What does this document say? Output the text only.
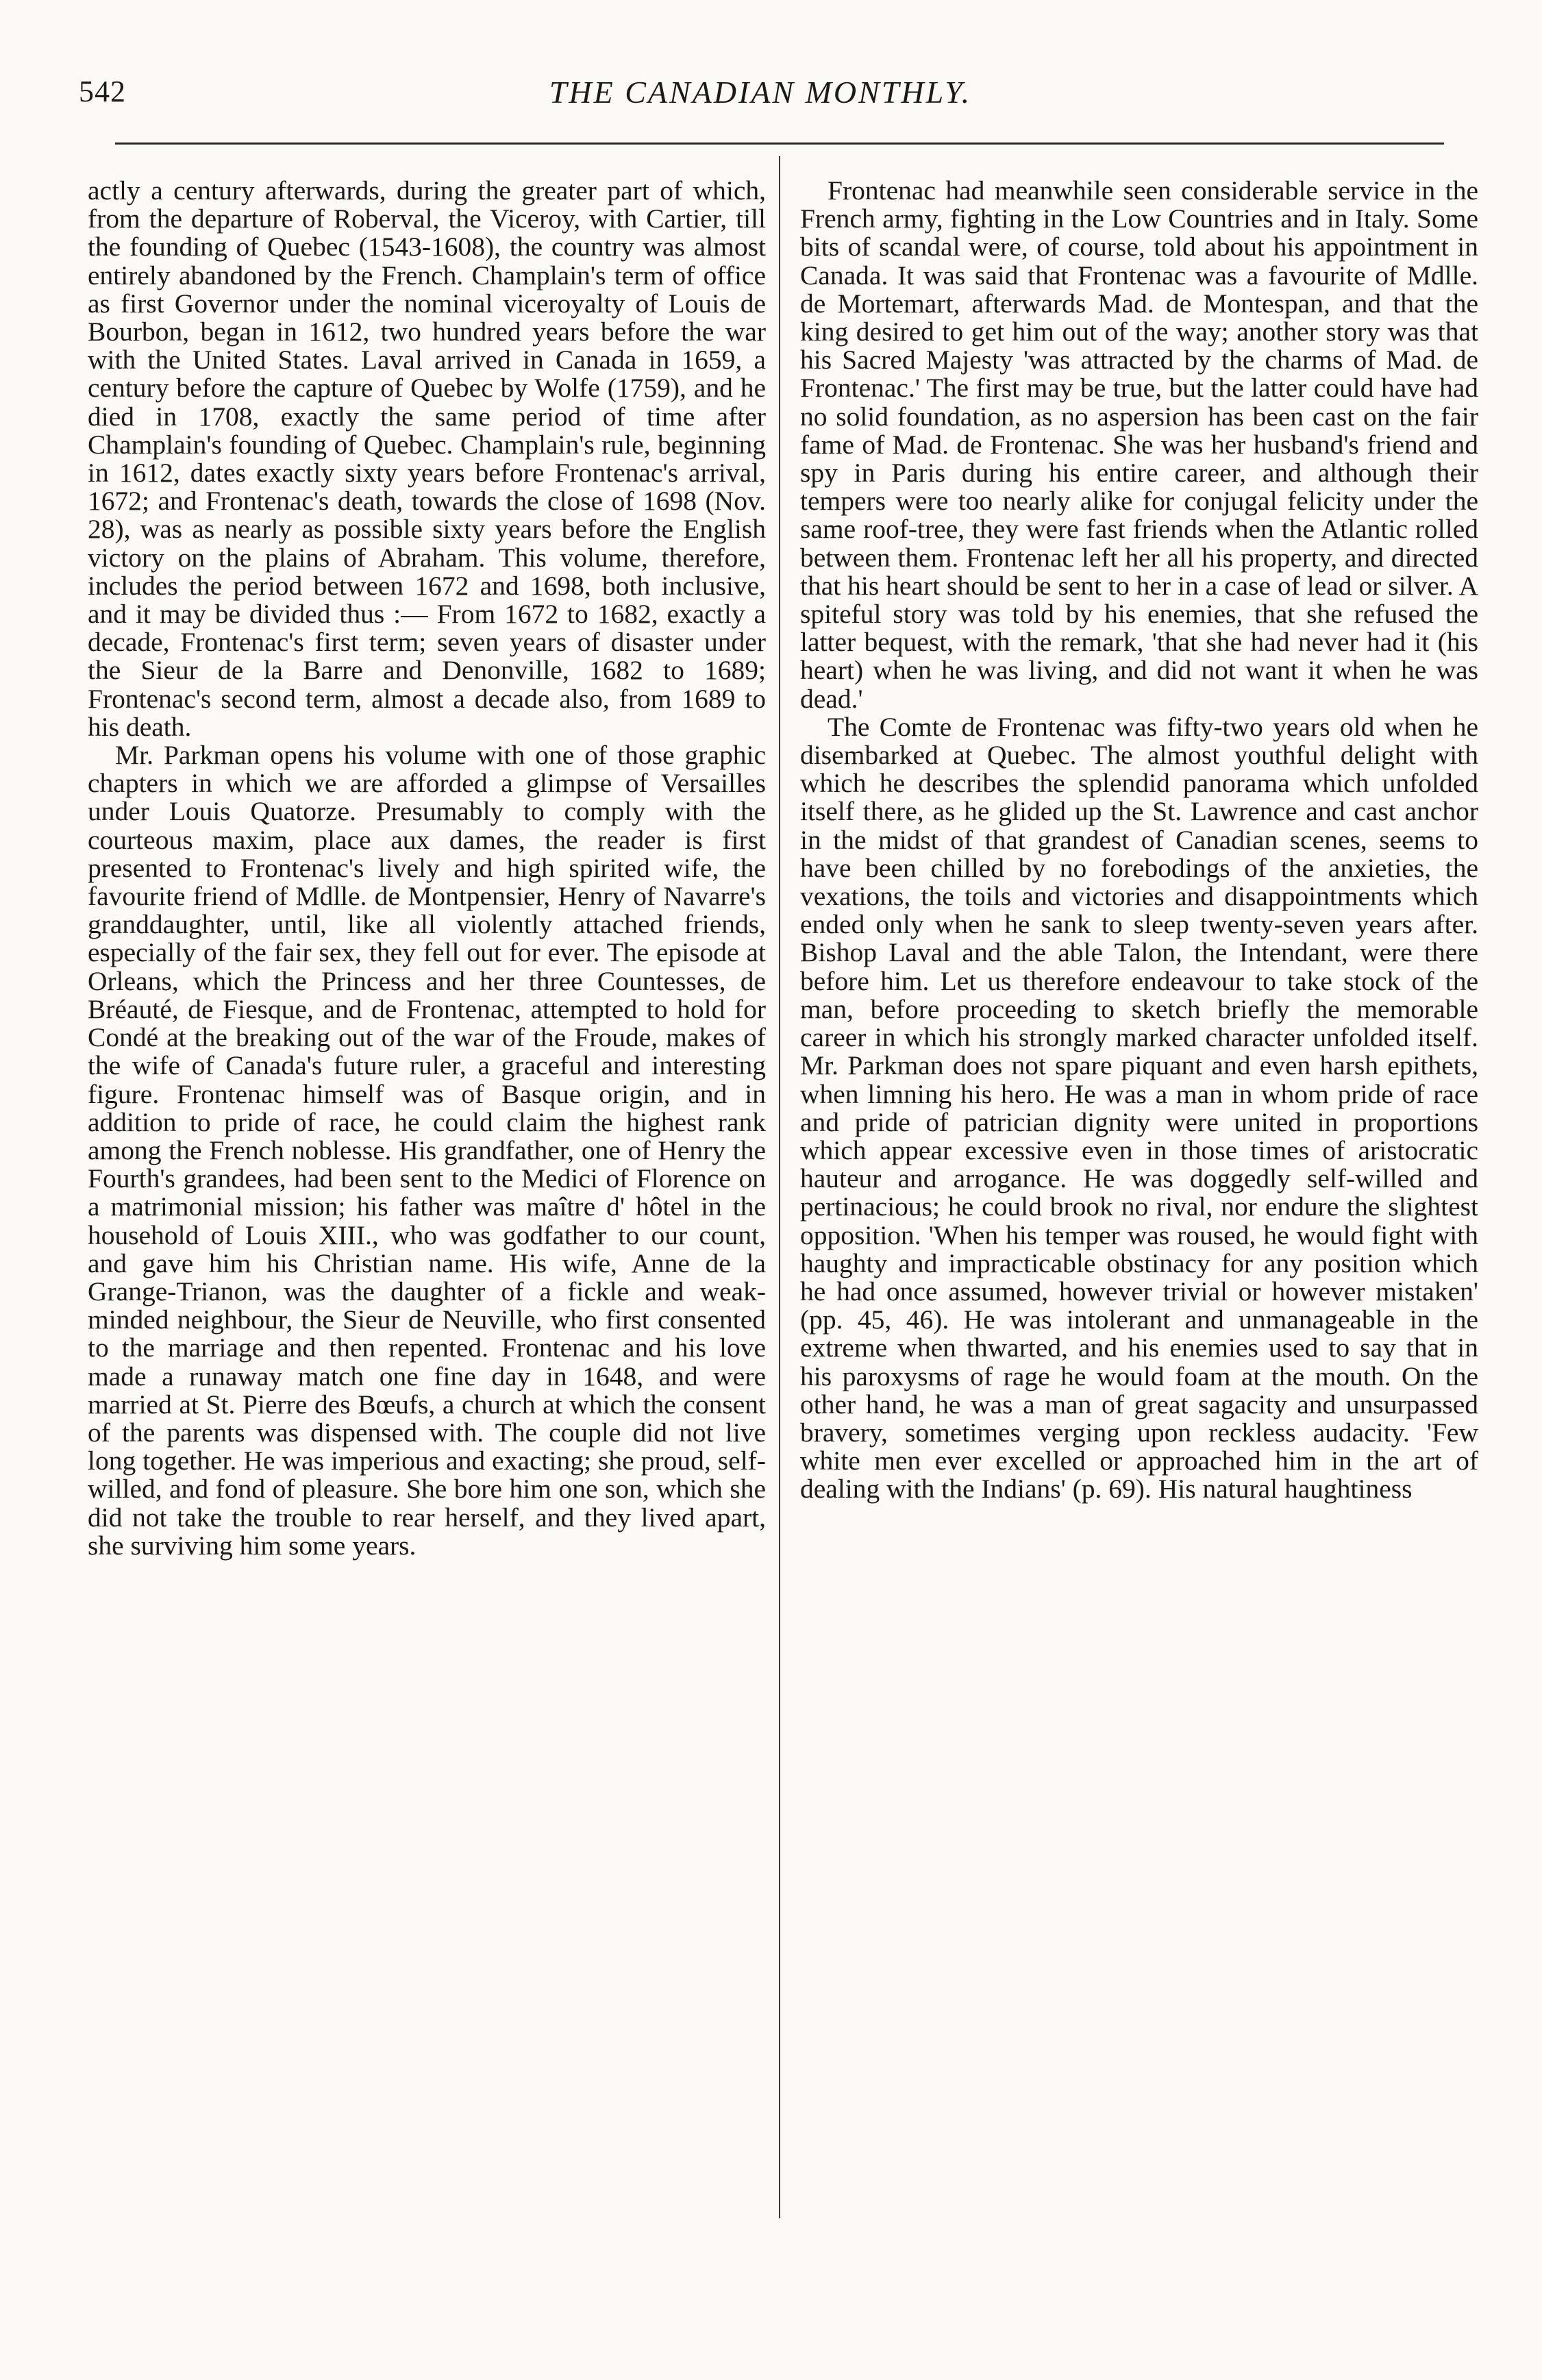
542	THE CANADIAN MONTHLY.

actly a century afterwards, during the greater part of which, from the departure of Roberval, the Viceroy, with Cartier, till the founding of Quebec (1543-1608), the country was almost entirely abandoned by the French. Champlain's term of office as first Governor under the nominal viceroyalty of Louis de Bourbon, began in 1612, two hundred years before the war with the United States. Laval arrived in Canada in 1659, a century before the capture of Quebec by Wolfe (1759), and he died in 1708, exactly the same period of time after Champlain's founding of Quebec. Champlain's rule, beginning in 1612, dates exactly sixty years before Frontenac's arrival, 1672; and Frontenac's death, towards the close of 1698 (Nov. 28), was as nearly as possible sixty years before the English victory on the plains of Abraham. This volume, therefore, includes the period between 1672 and 1698, both inclusive, and it may be divided thus :— From 1672 to 1682, exactly a decade, Frontenac's first term; seven years of disaster under the Sieur de la Barre and Denonville, 1682 to 1689; Frontenac's second term, almost a decade also, from 1689 to his death.

Mr. Parkman opens his volume with one of those graphic chapters in which we are afforded a glimpse of Versailles under Louis Quatorze. Presumably to comply with the courteous maxim, place aux dames, the reader is first presented to Frontenac's lively and high spirited wife, the favourite friend of Mdlle. de Montpensier, Henry of Navarre's granddaughter, until, like all violently attached friends, especially of the fair sex, they fell out for ever. The episode at Orleans, which the Princess and her three Countesses, de Bréauté, de Fiesque, and de Frontenac, attempted to hold for Condé at the breaking out of the war of the Froude, makes of the wife of Canada's future ruler, a graceful and interesting figure. Frontenac himself was of Basque origin, and in addition to pride of race, he could claim the highest rank among the French noblesse. His grandfather, one of Henry the Fourth's grandees, had been sent to the Medici of Florence on a matrimonial mission; his father was maître d' hôtel in the household of Louis XIII., who was godfather to our count, and gave him his Christian name. His wife, Anne de la Grange-Trianon, was the daughter of a fickle and weak-minded neighbour, the Sieur de Neuville, who first consented to the marriage and then repented. Frontenac and his love made a runaway match one fine day in 1648, and were married at St. Pierre des Bœufs, a church at which the consent of the parents was dispensed with. The couple did not live long together. He was imperious and exacting; she proud, self-willed, and fond of pleasure. She bore him one son, which she did not take the trouble to rear herself, and they lived apart, she surviving him some years.

Frontenac had meanwhile seen considerable service in the French army, fighting in the Low Countries and in Italy. Some bits of scandal were, of course, told about his appointment in Canada. It was said that Frontenac was a favourite of Mdlle. de Mortemart, afterwards Mad. de Montespan, and that the king desired to get him out of the way; another story was that his Sacred Majesty 'was attracted by the charms of Mad. de Frontenac.' The first may be true, but the latter could have had no solid foundation, as no aspersion has been cast on the fair fame of Mad. de Frontenac. She was her husband's friend and spy in Paris during his entire career, and although their tempers were too nearly alike for conjugal felicity under the same roof-tree, they were fast friends when the Atlantic rolled between them. Frontenac left her all his property, and directed that his heart should be sent to her in a case of lead or silver. A spiteful story was told by his enemies, that she refused the latter bequest, with the remark, 'that she had never had it (his heart) when he was living, and did not want it when he was dead.'

The Comte de Frontenac was fifty-two years old when he disembarked at Quebec. The almost youthful delight with which he describes the splendid panorama which unfolded itself there, as he glided up the St. Lawrence and cast anchor in the midst of that grandest of Canadian scenes, seems to have been chilled by no forebodings of the anxieties, the vexations, the toils and victories and disappointments which ended only when he sank to sleep twenty-seven years after. Bishop Laval and the able Talon, the Intendant, were there before him. Let us therefore endeavour to take stock of the man, before proceeding to sketch briefly the memorable career in which his strongly marked character unfolded itself. Mr. Parkman does not spare piquant and even harsh epithets, when limning his hero. He was a man in whom pride of race and pride of patrician dignity were united in proportions which appear excessive even in those times of aristocratic hauteur and arrogance. He was doggedly self-willed and pertinacious; he could brook no rival, nor endure the slightest opposition. 'When his temper was roused, he would fight with haughty and impracticable obstinacy for any position which he had once assumed, however trivial or however mistaken' (pp. 45, 46). He was intolerant and unmanageable in the extreme when thwarted, and his enemies used to say that in his paroxysms of rage he would foam at the mouth. On the other hand, he was a man of great sagacity and unsurpassed bravery, sometimes verging upon reckless audacity. 'Few white men ever excelled or approached him in the art of dealing with the Indians' (p. 69). His natural haughtiness
